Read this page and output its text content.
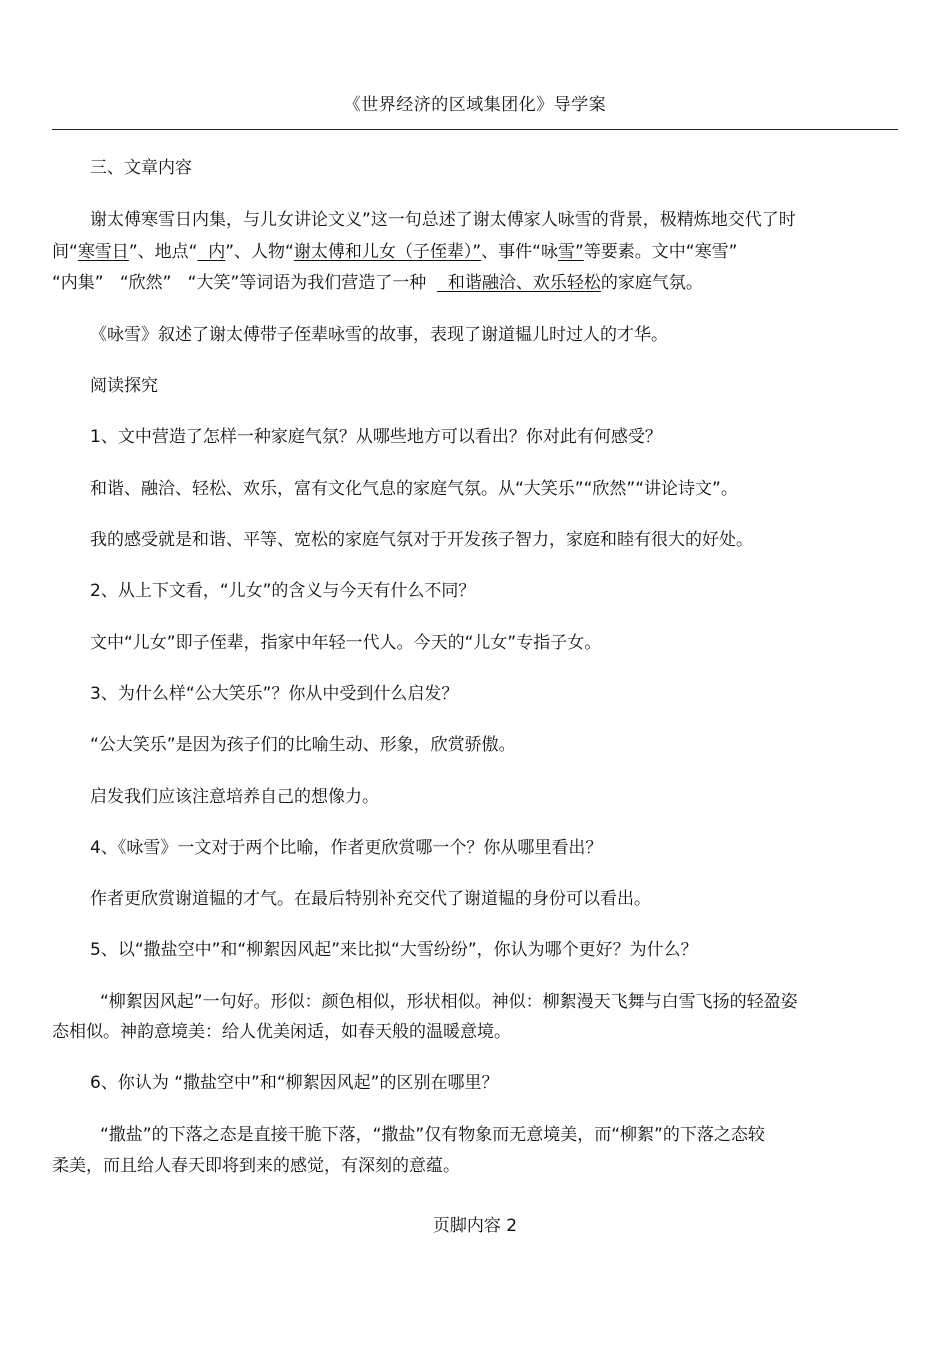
《世界经济的区域集团化》导学案
三、文章内容
谢太傅寒雪日内集，与儿女讲论文义”这一句总述了谢太傅家人咏雪的背景，极精炼地交代了时
间“寒雪日”、地点“  内”、人物“谢太傅和儿女（子侄辈）”、事件“咏雪”等要素。文中“寒雪”
“内集”   “欣然”   “大笑”等词语为我们营造了一种    和谐融洽、欢乐轻松的家庭气氛。
《咏雪》叙述了谢太傅带子侄辈咏雪的故事，表现了谢道韫儿时过人的才华。
阅读探究
1、文中营造了怎样一种家庭气氛？从哪些地方可以看出？你对此有何感受？
和谐、融洽、轻松、欢乐，富有文化气息的家庭气氛。从“大笑乐”“欣然”“讲论诗文”。
我的感受就是和谐、平等、宽松的家庭气氛对于开发孩子智力，家庭和睦有很大的好处。
2、从上下文看，“儿女”的含义与今天有什么不同？
文中“儿女”即子侄辈，指家中年轻一代人。今天的“儿女”专指子女。
3、为什么样“公大笑乐”？你从中受到什么启发？
“公大笑乐”是因为孩子们的比喻生动、形象，欣赏骄傲。
启发我们应该注意培养自己的想像力。
4、《咏雪》一文对于两个比喻，作者更欣赏哪一个？你从哪里看出？
作者更欣赏谢道韫的才气。在最后特别补充交代了谢道韫的身份可以看出。
5、以“撒盐空中”和“柳絮因风起”来比拟“大雪纷纷”，你认为哪个更好？为什么？
“柳絮因风起”一句好。形似：颜色相似，形状相似。神似：柳絮漫天飞舞与白雪飞扬的轻盈姿
态相似。神韵意境美：给人优美闲适，如春天般的温暖意境。
6、你认为 “撒盐空中”和“柳絮因风起”的区别在哪里？
“撒盐”的下落之态是直接干脆下落，“撒盐”仅有物象而无意境美，而“柳絮”的下落之态较
柔美，而且给人春天即将到来的感觉，有深刻的意蕴。
页脚内容 2
